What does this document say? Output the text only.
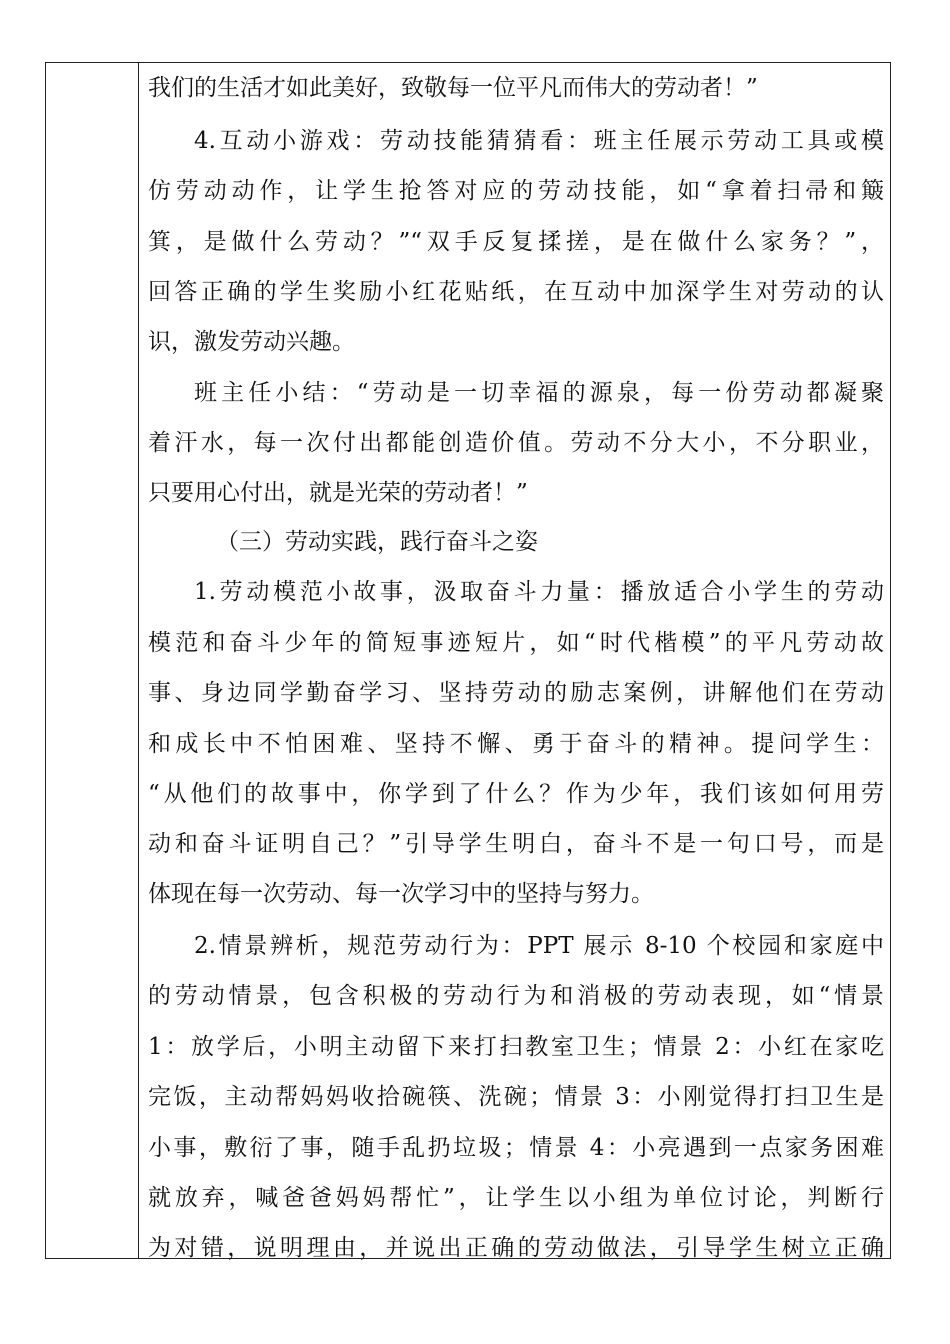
我们的生活才如此美好，致敬每一位平凡而伟大的劳动者！”
4.互动小游戏：劳动技能猜猜看：班主任展示劳动工具或模
仿劳动动作，让学生抢答对应的劳动技能，如“拿着扫帚和簸
箕，是做什么劳动？”“双手反复揉搓，是在做什么家务？”，
回答正确的学生奖励小红花贴纸，在互动中加深学生对劳动的认
识，激发劳动兴趣。
班主任小结：“劳动是一切幸福的源泉，每一份劳动都凝聚
着汗水，每一次付出都能创造价值。劳动不分大小，不分职业，
只要用心付出，就是光荣的劳动者！”
（三）劳动实践，践行奋斗之姿
1.劳动模范小故事，汲取奋斗力量：播放适合小学生的劳动
模范和奋斗少年的简短事迹短片，如“时代楷模”的平凡劳动故
事、身边同学勤奋学习、坚持劳动的励志案例，讲解他们在劳动
和成长中不怕困难、坚持不懈、勇于奋斗的精神。提问学生：
“从他们的故事中，你学到了什么？作为少年，我们该如何用劳
动和奋斗证明自己？”引导学生明白，奋斗不是一句口号，而是
体现在每一次劳动、每一次学习中的坚持与努力。
2.情景辨析，规范劳动行为：PPT 展示 8-10 个校园和家庭中
的劳动情景，包含积极的劳动行为和消极的劳动表现，如“情景
1：放学后，小明主动留下来打扫教室卫生；情景 2：小红在家吃
完饭，主动帮妈妈收拾碗筷、洗碗；情景 3：小刚觉得打扫卫生是
小事，敷衍了事，随手乱扔垃圾；情景 4：小亮遇到一点家务困难
就放弃，喊爸爸妈妈帮忙”，让学生以小组为单位讨论，判断行
为对错，说明理由，并说出正确的劳动做法，引导学生树立正确
